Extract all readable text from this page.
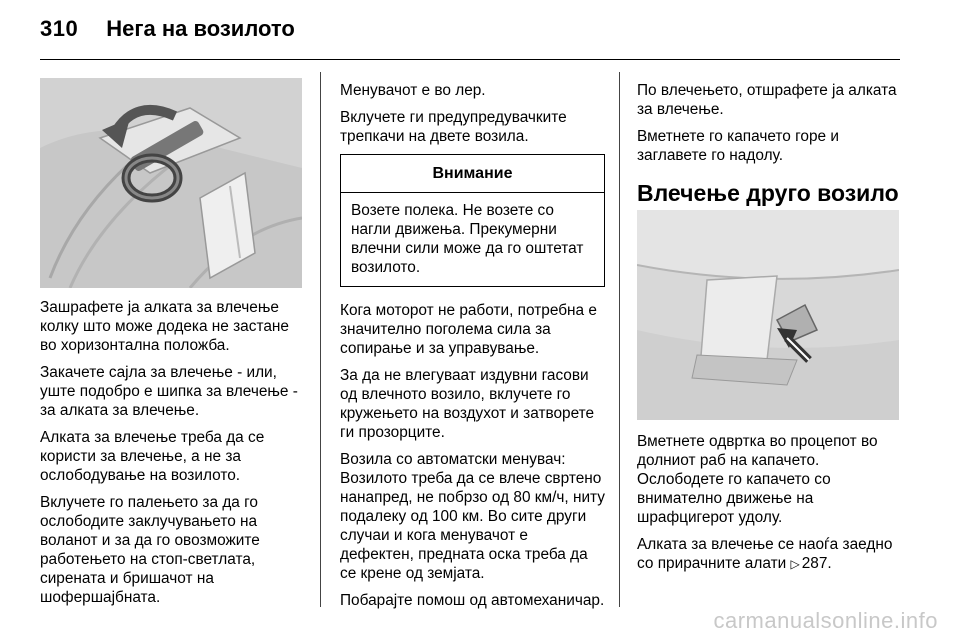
310 Нега на возилото

Зашрафете ја алката за влечење колку што може додека не застане во хоризонтална положба.

Закачете сајла за влечење - или, уште подобро е шипка за влечење - за алката за влечење.

Алката за влечење треба да се користи за влечење, а не за ослободување на возилото.

Вклучете го палењето за да го ослободите заклучувањето на воланот и за да го овозможите работењето на стоп-светлата, сирената и бришачот на шофершајбната.

Менувачот е во лер.

Вклучете ги предупредувачките трепкачи на двете возила.

Внимание
Возете полека. Не возете со нагли движења. Прекумерни влечни сили може да го оштетат возилото.

Кога моторот не работи, потребна е значително поголема сила за сопирање и за управување.

За да не влегуваат издувни гасови од влечното возило, вклучете го кружењето на воздухот и затворете ги прозорците.

Возила со автоматски менувач: Возилото треба да се влече свртено нанапред, не побрзо од 80 км/ч, ниту подалеку од 100 км. Во сите други случаи и кога менувачот е дефектен, предната оска треба да се крене од земјата.

Побарајте помош од автомеханичар.

По влечењето, отшрафете ја алката за влечење.

Вметнете го капачето горе и заглавете го надолу.

Влечење друго возило

Вметнете одвртка во процепот во долниот раб на капачето. Ослободете го капачето со внимателно движење на шрафцигерот удолу.

Алката за влечење се наоѓа заедно со прирачните алати ▷ 287.

carmanualsonline.info
